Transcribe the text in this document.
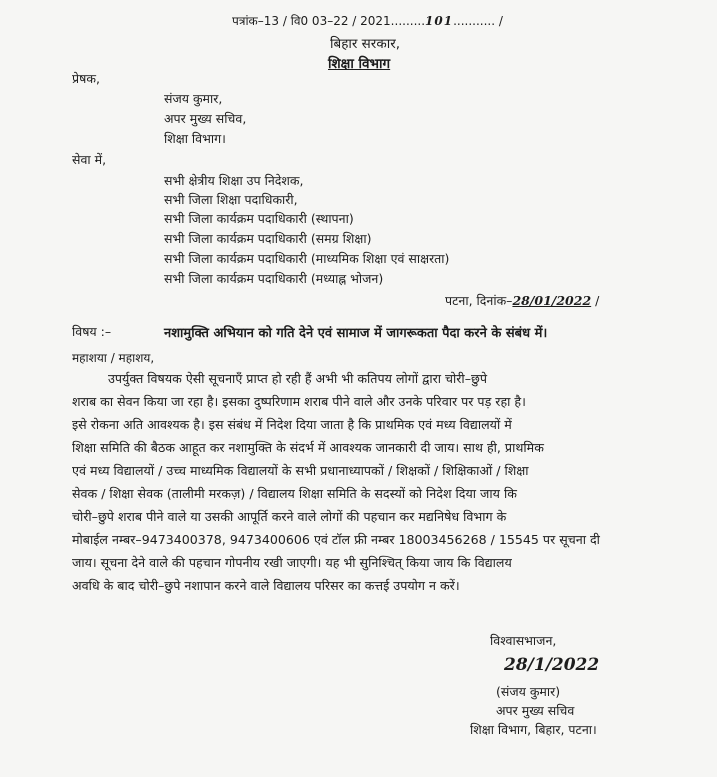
पत्रांक–13 / वि0 03–22 / 2021.........101........... /
बिहार सरकार,
शिक्षा विभाग
प्रेषक,
संजय कुमार,
अपर मुख्य सचिव,
शिक्षा विभाग।
सेवा में,
सभी क्षेत्रीय शिक्षा उप निदेशक,
सभी जिला शिक्षा पदाधिकारी,
सभी जिला कार्यक्रम पदाधिकारी (स्थापना)
सभी जिला कार्यक्रम पदाधिकारी (समग्र शिक्षा)
सभी जिला कार्यक्रम पदाधिकारी (माध्यमिक शिक्षा एवं साक्षरता)
सभी जिला कार्यक्रम पदाधिकारी (मध्याह्न भोजन)
पटना, दिनांक–28/01/2022 /
विषय :–	नशामुक्ति अभियान को गति देने एवं सामाज में जागरूकता पैदा करने के संबंध में।
महाशया / महाशय,
उपर्युक्त विषयक ऐसी सूचनाएँ प्राप्त हो रही हैं अभी भी कतिपय लोगों द्वारा चोरी–छुपे
शराब का सेवन किया जा रहा है। इसका दुष्परिणाम शराब पीने वाले और उनके परिवार पर पड़ रहा है।
इसे रोकना अति आवश्यक है। इस संबंध में निदेश दिया जाता है कि प्राथमिक एवं मध्य विद्यालयों में
शिक्षा समिति की बैठक आहूत कर नशामुक्ति के संदर्भ में आवश्यक जानकारी दी जाय। साथ ही, प्राथमिक
एवं मध्य विद्यालयों / उच्च माध्यमिक विद्यालयों के सभी प्रधानाध्यापकों / शिक्षकों / शिक्षिकाओं / शिक्षा
सेवक / शिक्षा सेवक (तालीमी मरकज़) / विद्यालय शिक्षा समिति के सदस्यों को निदेश दिया जाय कि
चोरी–छुपे शराब पीने वाले या उसकी आपूर्ति करने वाले लोगों की पहचान कर मद्यनिषेध विभाग के
मोबाईल नम्बर–9473400378, 9473400606 एवं टॉल फ्री नम्बर 18003456268 / 15545 पर सूचना दी
जाय। सूचना देने वाले की पहचान गोपनीय रखी जाएगी। यह भी सुनिश्चित् किया जाय कि विद्यालय
अवधि के बाद चोरी–छुपे नशापान करने वाले विद्यालय परिसर का कत्तई उपयोग न करें।
विश्वासभाजन,
28/1/2022
(संजय कुमार)
अपर मुख्य सचिव
शिक्षा विभाग, बिहार, पटना।
